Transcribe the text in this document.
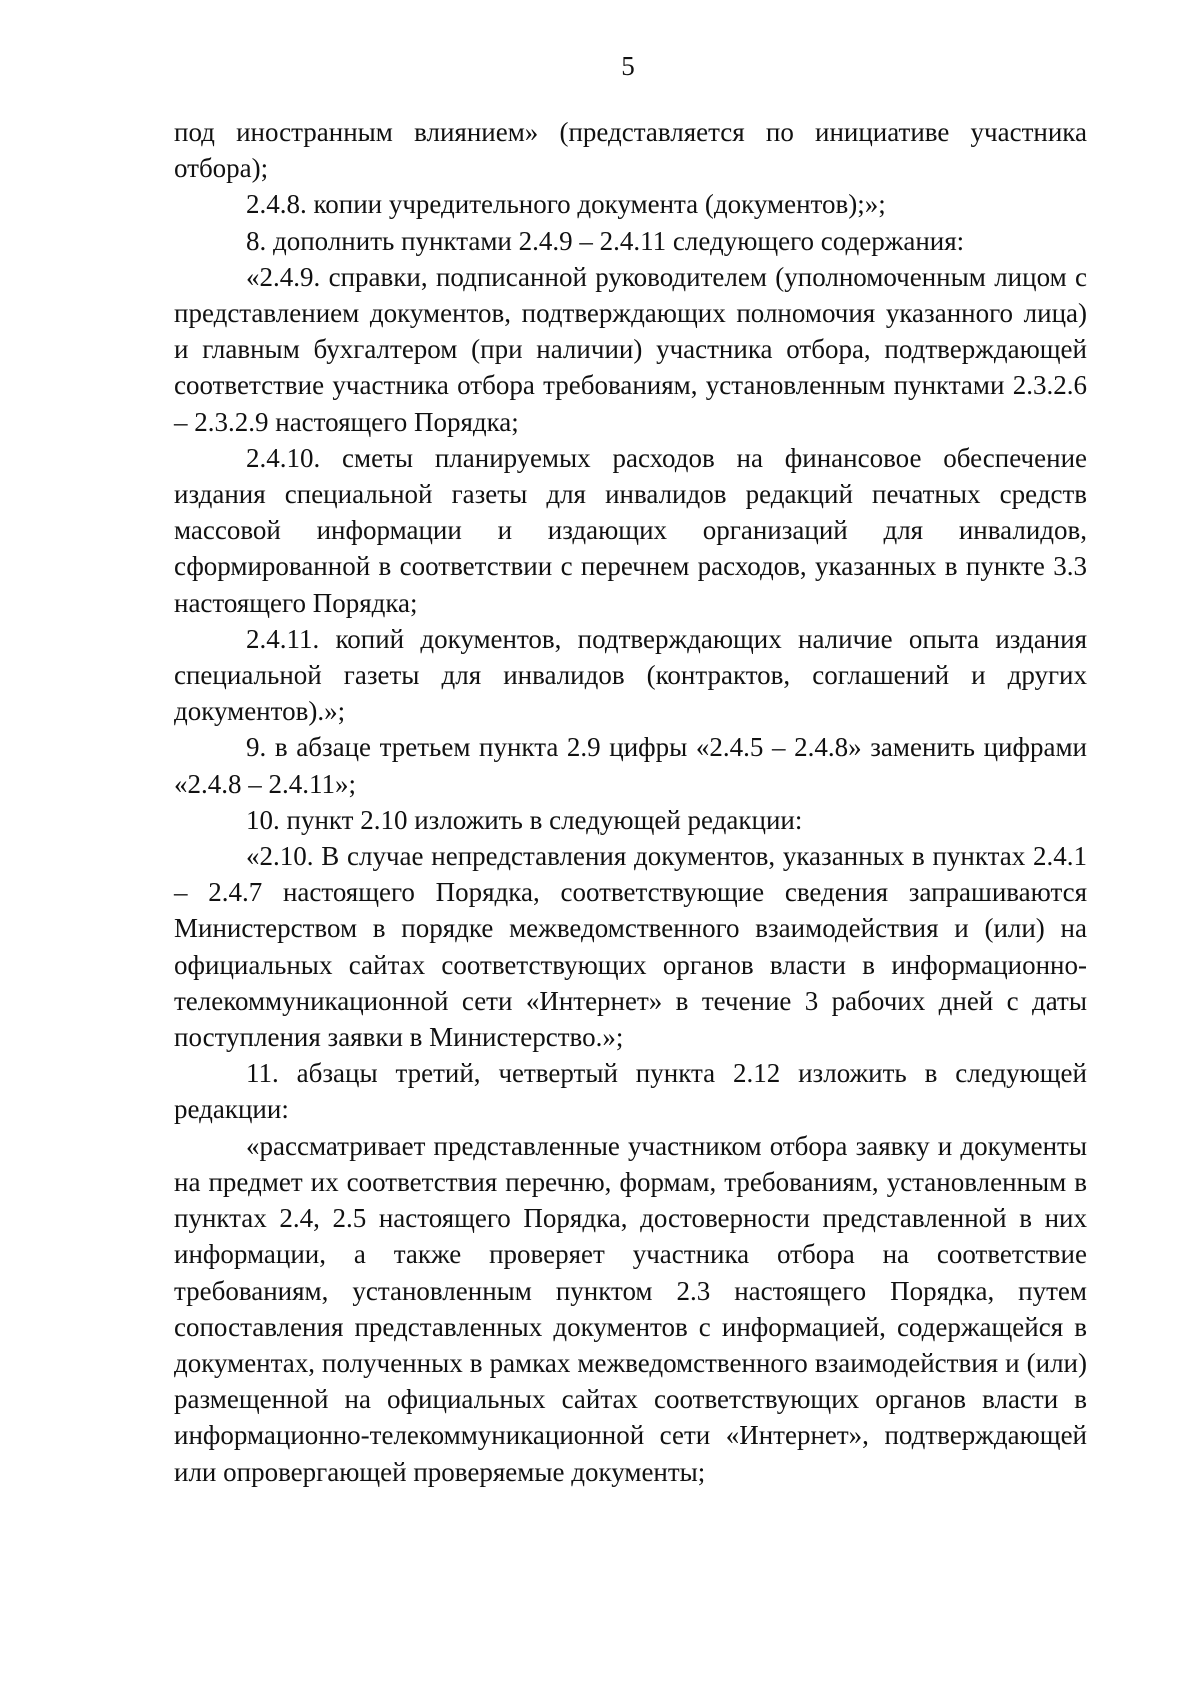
5

под иностранным влиянием» (представляется по инициативе участника отбора);

2.4.8. копии учредительного документа (документов);»;

8. дополнить пунктами 2.4.9 – 2.4.11 следующего содержания:

«2.4.9. справки, подписанной руководителем (уполномоченным лицом с представлением документов, подтверждающих полномочия указанного лица) и главным бухгалтером (при наличии) участника отбора, подтверждающей соответствие участника отбора требованиям, установленным пунктами 2.3.2.6 – 2.3.2.9 настоящего Порядка;

2.4.10. сметы планируемых расходов на финансовое обеспечение издания специальной газеты для инвалидов редакций печатных средств массовой информации и издающих организаций для инвалидов, сформированной в соответствии с перечнем расходов, указанных в пункте 3.3 настоящего Порядка;

2.4.11. копий документов, подтверждающих наличие опыта издания специальной газеты для инвалидов (контрактов, соглашений и других документов).»;

9. в абзаце третьем пункта 2.9 цифры «2.4.5 – 2.4.8» заменить цифрами «2.4.8 – 2.4.11»;

10. пункт 2.10 изложить в следующей редакции:

«2.10. В случае непредставления документов, указанных в пунктах 2.4.1 – 2.4.7 настоящего Порядка, соответствующие сведения запрашиваются Министерством в порядке межведомственного взаимодействия и (или) на официальных сайтах соответствующих органов власти в информационно-телекоммуникационной сети «Интернет» в течение 3 рабочих дней с даты поступления заявки в Министерство.»;

11. абзацы третий, четвертый пункта 2.12 изложить в следующей редакции:

«рассматривает представленные участником отбора заявку и документы на предмет их соответствия перечню, формам, требованиям, установленным в пунктах 2.4, 2.5 настоящего Порядка, достоверности представленной в них информации, а также проверяет участника отбора на соответствие требованиям, установленным пунктом 2.3 настоящего Порядка, путем сопоставления представленных документов с информацией, содержащейся в документах, полученных в рамках межведомственного взаимодействия и (или) размещенной на официальных сайтах соответствующих органов власти в информационно-телекоммуникационной сети «Интернет», подтверждающей или опровергающей проверяемые документы;
